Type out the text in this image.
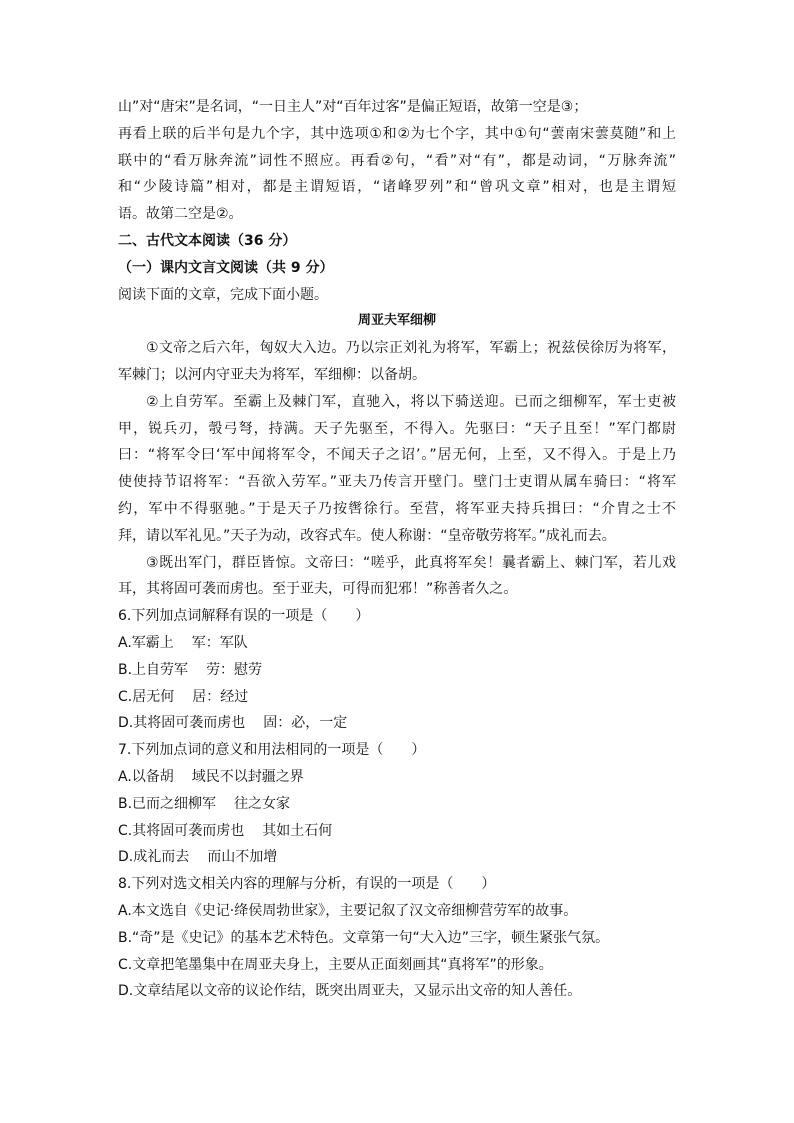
山”对“唐宋”是名词，“一日主人”对“百年过客”是偏正短语，故第一空是③；

再看上联的后半句是九个字，其中选项①和②为七个字，其中①句“蕓南宋蕓莫随”和上

联中的“看万脉奔流”词性不照应。再看②句，“看”对“有”，都是动词，“万脉奔流”

和“少陵诗篇”相对，都是主谓短语，“诸峰罗列”和“曾巩文章”相对，也是主谓短

语。故第二空是②。

二、古代文本阅读（36 分）

（一）课内文言文阅读（共 9 分）

阅读下面的文章，完成下面小题。

周亚夫军细柳

①文帝之后六年，匈奴大入边。乃以宗正刘礼为将军，军霸上；祝兹侯徐厉为将军，

军棘门；以河内守亚夫为将军，军细柳：以备胡。

②上自劳军。至霸上及棘门军，直驰入，将以下骑送迎。已而之细柳军，军士吏被

甲，锐兵刃，彀弓弩，持满。天子先驱至，不得入。先驱曰：“天子且至！”军门都尉

曰：“将军令曰‘军中闻将军令，不闻天子之诏’。”居无何，上至，又不得入。于是上乃

使使持节诏将军：“吾欲入劳军。”亚夫乃传言开壁门。壁门士吏谓从属车骑曰：“将军

约，军中不得驱驰。”于是天子乃按辔徐行。至营，将军亚夫持兵揖曰：“介胄之士不

拜，请以军礼见。”天子为动，改容式车。使人称谢：“皇帝敬劳将军。”成礼而去。

③既出军门，群臣皆惊。文帝曰：“嗟乎，此真将军矣！曩者霸上、棘门军，若儿戏

耳，其将固可袭而虏也。至于亚夫，可得而犯邪！”称善者久之。

6.下列加点词解释有误的一项是（　　）

A.军霸上 军：军队

B.上自劳军 劳：慰劳

C.居无何 居：经过

D.其将固可袭而虏也 固：必，一定

7.下列加点词的意义和用法相同的一项是（　　）

A.以备胡 域民不以封疆之界

B.已而之细柳军 往之女家

C.其将固可袭而虏也 其如土石何

D.成礼而去 而山不加增

8.下列对选文相关内容的理解与分析，有误的一项是（　　）

A.本文选自《史记·绛侯周勃世家》，主要记叙了汉文帝细柳营劳军的故事。

B.“奇”是《史记》的基本艺术特色。文章第一句“大入边”三字，顿生紧张气氛。

C.文章把笔墨集中在周亚夫身上，主要从正面刻画其“真将军”的形象。

D.文章结尾以文帝的议论作结，既突出周亚夫，又显示出文帝的知人善任。
